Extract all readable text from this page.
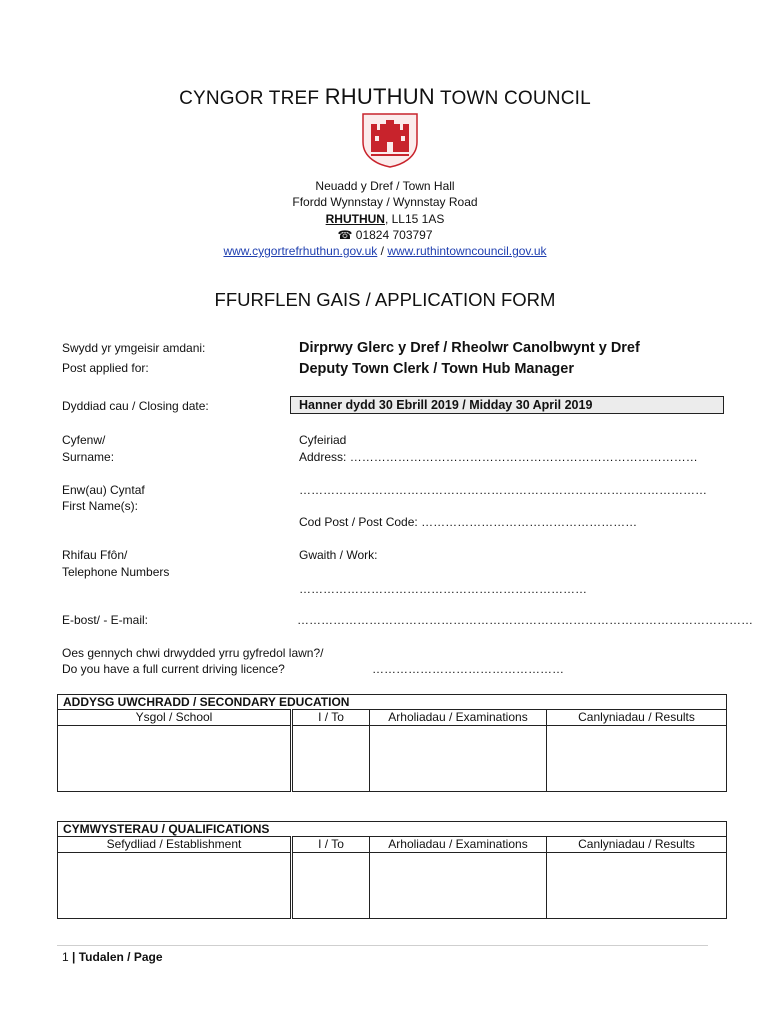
CYNGOR TREF RHUTHUN TOWN COUNCIL
Neuadd y Dref / Town Hall
Ffordd Wynnstay / Wynnstay Road
RHUTHUN, LL15 1AS
☎ 01824 703797
www.cygortrefrhuthun.gov.uk / www.ruthintowncouncil.gov.uk
FFURFLEN GAIS / APPLICATION FORM
Swydd yr ymgeisir amdani:
Post applied for:
Dirprwy Glerc y Dref / Rheolwr Canolbwynt y Dref
Deputy Town Clerk / Town Hub Manager
Dyddiad cau / Closing date:	Hanner dydd 30 Ebrill 2019 / Midday 30 April 2019
Cyfenw/
Surname:
Cyfeiriad
Address: ……………………………………………………………………………
Enw(au) Cyntaf
First Name(s):
…………………………………………………………………………………………
Cod Post / Post Code: ………………………………………………
Rhifau Ffôn/
Telephone Numbers
Gwaith / Work:
………………………………………………………………
E-bost/ - E-mail:	……………………………………………………………………………………………………
Oes gennych chwi drwydded yrru gyfredol lawn?/
Do you have a full current driving licence?	…………………………………………
ADDYSG UWCHRADD / SECONDARY EDUCATION			
Ysgol / School	I / To	Arholiadau / Examinations	Canlyniadau / Results

CYMWYSTERAU / QUALIFICATIONS			
Sefydliad / Establishment	I / To	Arholiadau / Examinations	Canlyniadau / Results

1 | Tudalen / Page
